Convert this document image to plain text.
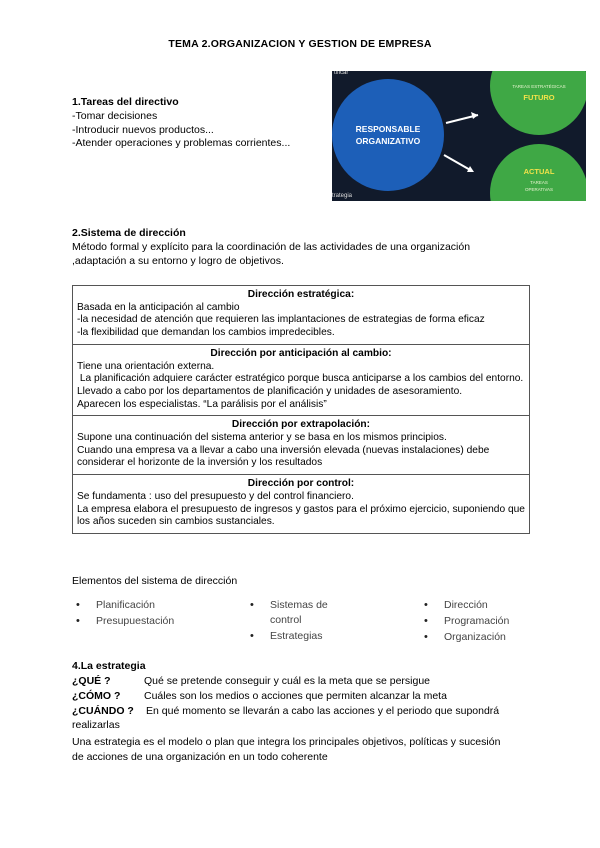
TEMA 2.ORGANIZACION Y GESTION DE EMPRESA
1.Tareas del directivo
-Tomar decisiones
-Introducir nuevos productos...
-Atender operaciones y problemas corrientes...
tificar
trategia
RESPONSABLE
ORGANIZATIVO
TAREAS ESTRATÉGICAS
FUTURO
ACTUAL
TAREAS
OPERATIVAS
2.Sistema de dirección
Método formal y explícito para la coordinación de las actividades de una organización
,adaptación a su entorno y logro de objetivos.
Dirección estratégica:
Basada en la anticipación al cambio
-la necesidad de atención que requieren las implantaciones de estrategias de forma eficaz
-la flexibilidad que demandan los cambios impredecibles.
Dirección por anticipación al cambio:
Tiene una orientación externa.
La planificación adquiere carácter estratégico porque busca anticiparse a los cambios del entorno.
Llevado a cabo por los departamentos de planificación y unidades de asesoramiento.
Aparecen los especialistas. “La parálisis por el análisis”
Dirección por extrapolación:
Supone una continuación del sistema anterior y se basa en los mismos principios.
Cuando una empresa va a llevar a cabo una inversión elevada (nuevas instalaciones) debe considerar el horizonte de la inversión y los resultados
Dirección por control:
Se fundamenta : uso del presupuesto y del control financiero.
La empresa elabora el presupuesto de ingresos y gastos para el próximo ejercicio, suponiendo que los años suceden sin cambios sustanciales.
Elementos del sistema de dirección
• Planificación
• Presupuestación
• Sistemas de control
• Estrategias
• Dirección
• Programación
• Organización
4.La estrategia
¿QUÉ ?	Qué se pretende conseguir y cuál es la meta que se persigue
¿CÓMO ? Cuáles son los medios o acciones que permiten alcanzar la meta
¿CUÁNDO ? En qué momento se llevarán a cabo las acciones y el periodo que supondrá
realizarlas
Una estrategia es el modelo o plan que integra los principales objetivos, políticas y sucesión
de acciones de una organización en un todo coherente
